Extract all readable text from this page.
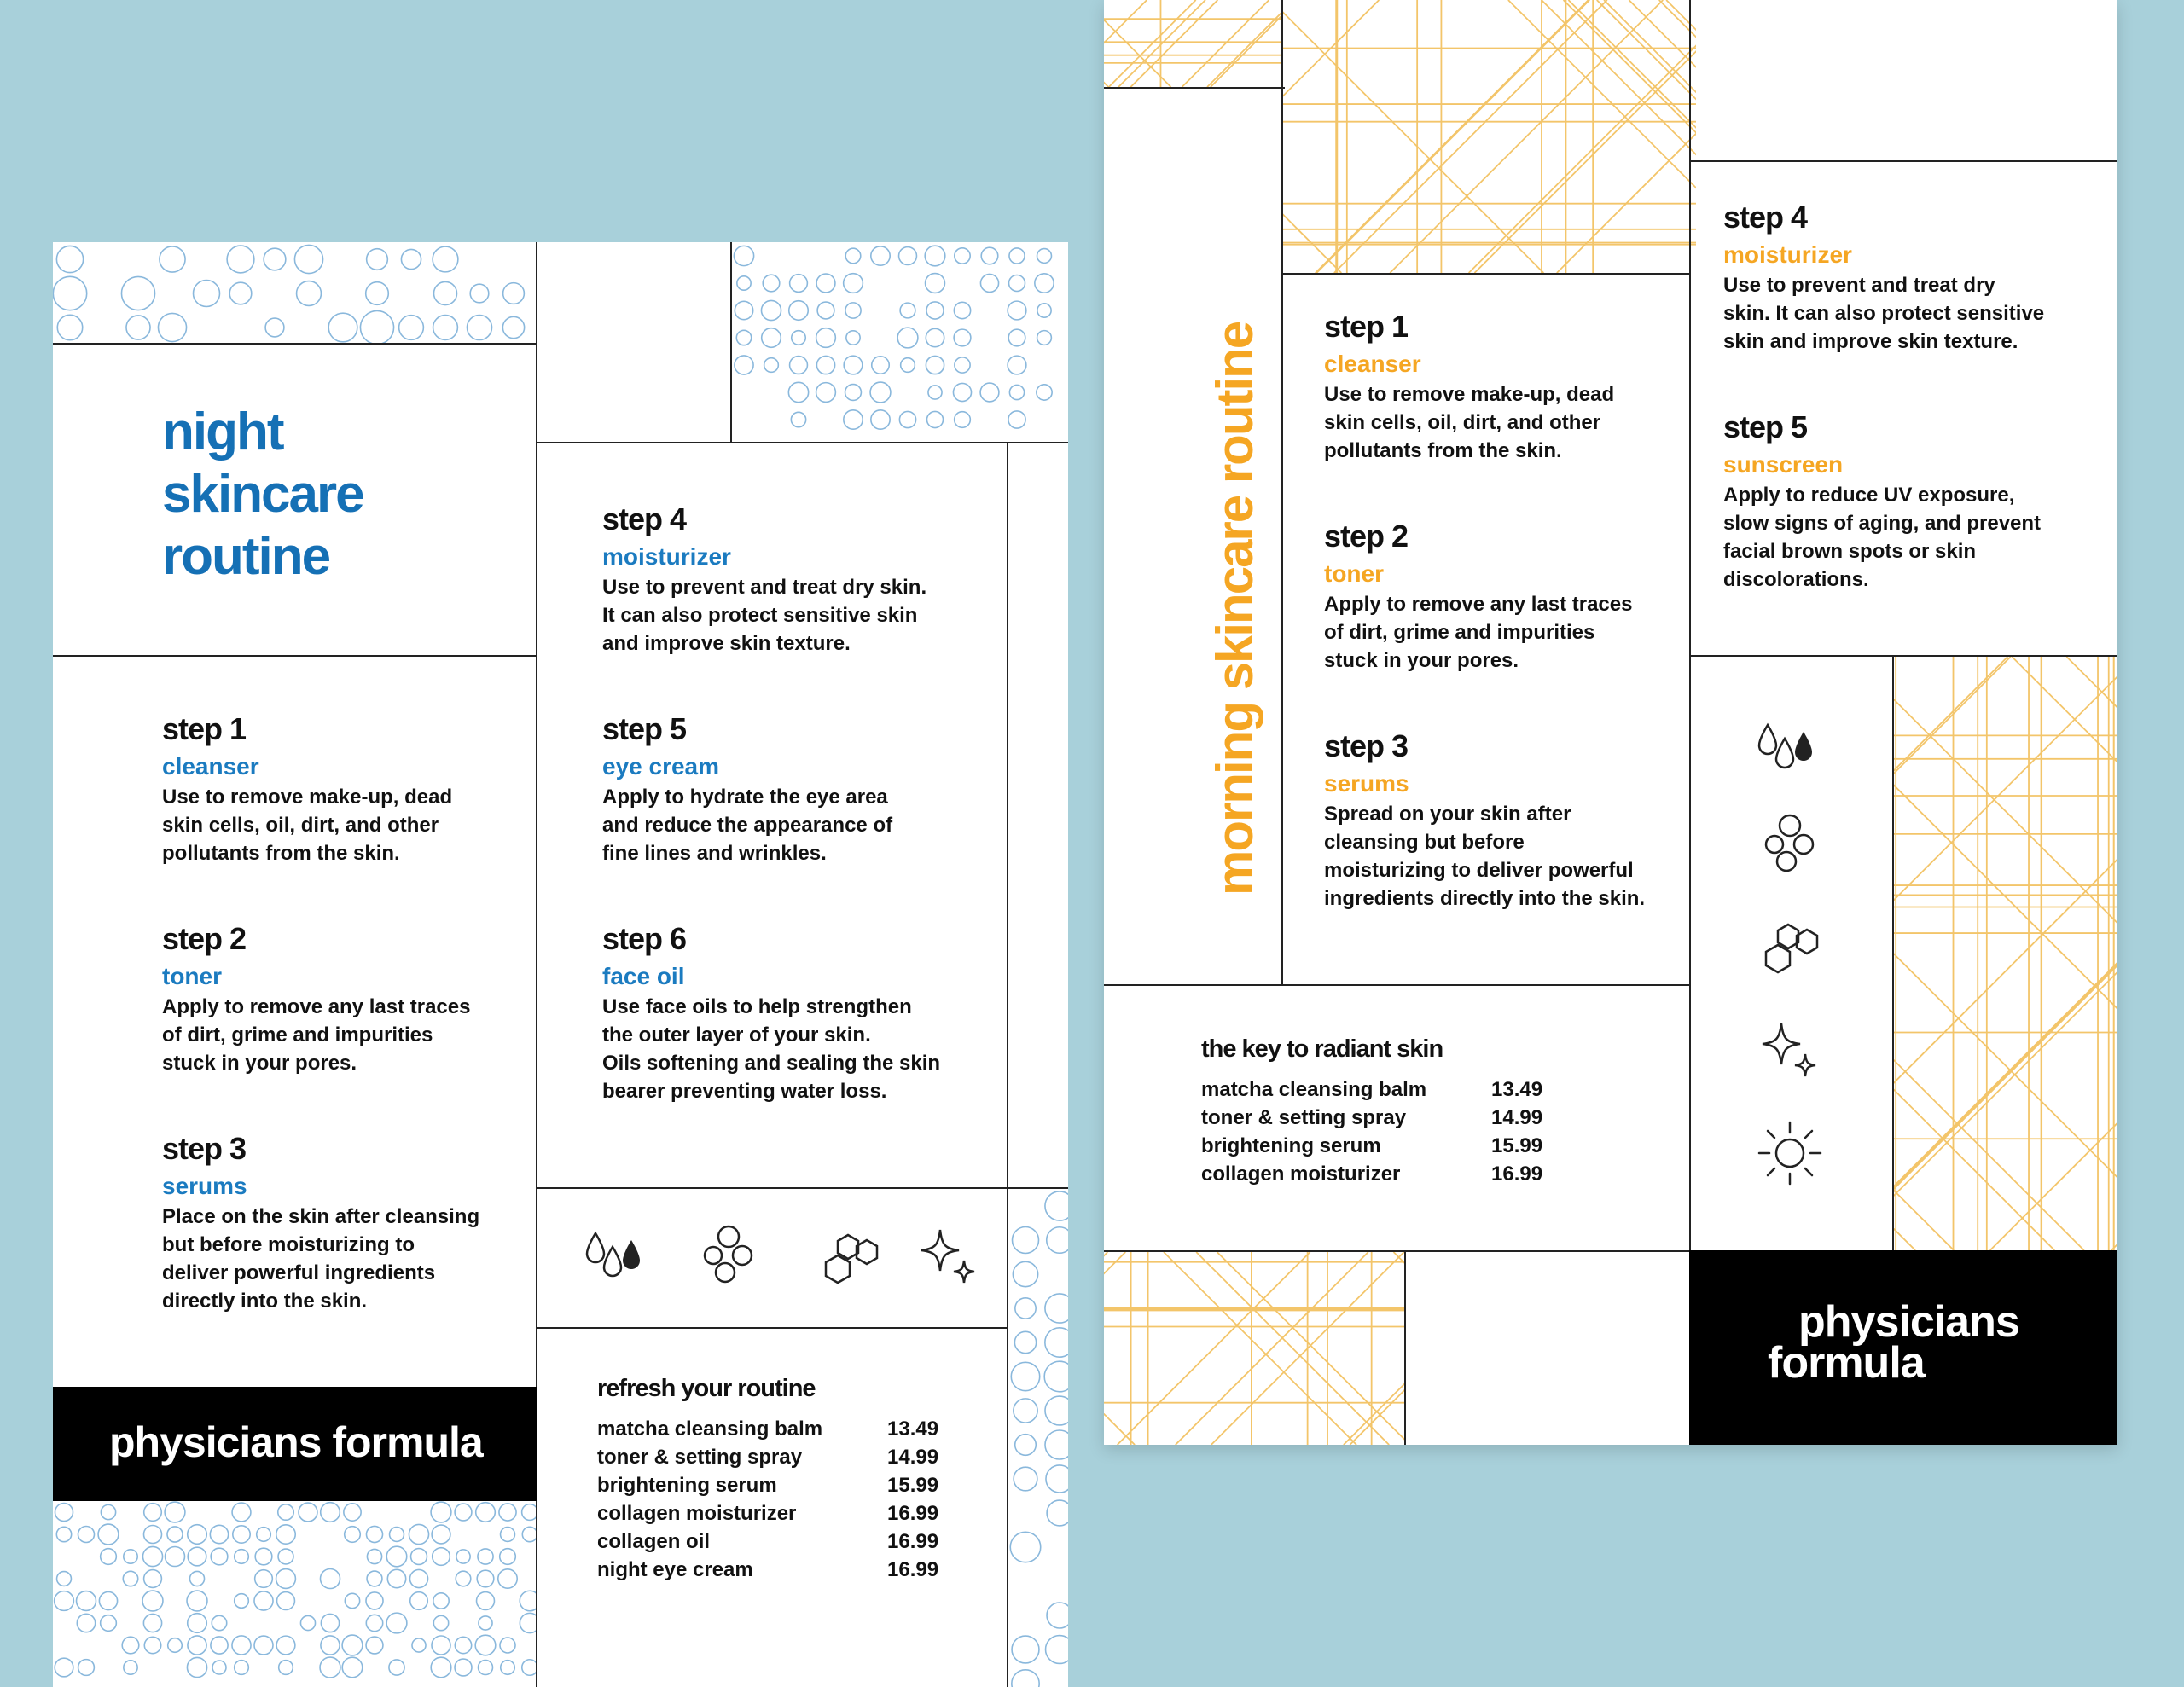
night
skincare
routine

step 1

cleanser

Use to remove make-up, dead
skin cells, oil, dirt, and other
pollutants from the skin.

step 2

toner

Apply to remove any last traces
of dirt, grime and impurities
stuck in your pores.

step 3

serums

Place on the skin after cleansing
but before moisturizing to
deliver powerful ingredients
directly into the skin.

step 4

moisturizer

Use to prevent and treat dry skin.
It can also protect sensitive skin
and improve skin texture.

step 5

eye cream

Apply to hydrate the eye area
and reduce the appearance of
fine lines and wrinkles.

step 6

face oil

Use face oils to help strengthen
the outer layer of your skin.
Oils softening and sealing the skin
bearer preventing water loss.

physicians formula

refresh your routine

matcha cleansing balm	13.49
toner & setting spray	14.99
brightening serum	15.99
collagen moisturizer	16.99
collagen oil	16.99
night eye cream	16.99
morning skincare routine step 1

cleanser

Use to remove make-up, dead
skin cells, oil, dirt, and other
pollutants from the skin.

step 2

toner

Apply to remove any last traces
of dirt, grime and impurities
stuck in your pores.

step 3

serums

Spread on your skin after
cleansing but before
moisturizing to deliver powerful
ingredients directly into the skin.

step 4

moisturizer

Use to prevent and treat dry
skin. It can also protect sensitive
skin and improve skin texture.

step 5

sunscreen

Apply to reduce UV exposure,
slow signs of aging, and prevent
facial brown spots or skin
discolorations.

the key to radiant skin

matcha cleansing balm	13.49
toner & setting spray	14.99
brightening serum	15.99
collagen moisturizer	16.99
physicians
formula
